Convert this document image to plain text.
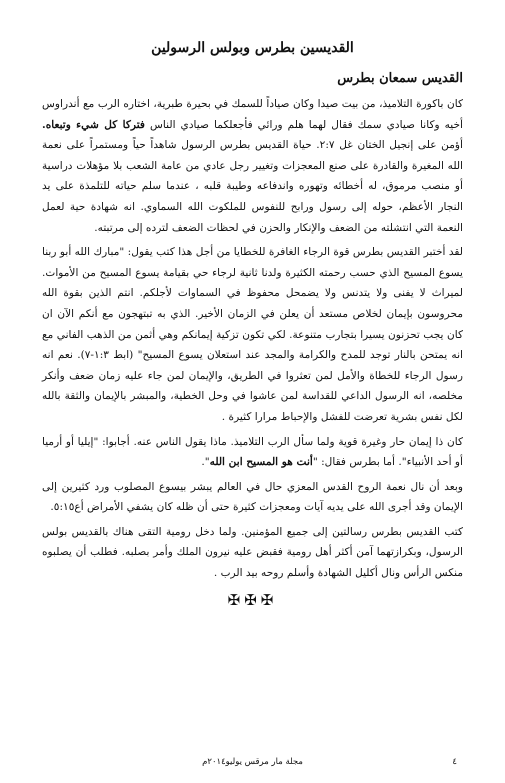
القديسين بطرس وبولس الرسولين
القديس سمعان بطرس

كان باكورة التلاميذ، من بيت صيدا وكان صياداً للسمك في بحيرة طبرية، اختاره الرب مع أندراوس أخيه وكانا صيادي سمك فقال لهما هلم ورائي فأجعلكما صيادي الناس فتركا كل شيء وتبعاه. أؤمن على إنجيل الختان غل ٢:٧. حياة القديس بطرس الرسول شاهداً حياً ومستمراً على نعمة الله المغيرة والقادرة على صنع المعجزات وتغيير رجل عادي من عامة الشعب بلا مؤهلات دراسية أو منصب مرموق، له أخطائه وتهوره واندفاعه وطيبة قلبه ، عندما سلم حياته للتلمذة على يد النجار الأعظم، حوله إلى رسول ورابح للنفوس للملكوت الله السماوي. انه شهادة حية لعمل النعمة التي انتشلته من الضعف والإنكار والحزن في لحظات الضعف لترده إلى مرتبته.

لقد أختبر القديس بطرس قوة الرجاء الغافرة للخطايا من أجل هذا كتب يقول: "مبارك الله أبو ربنا يسوع المسيح الذي حسب رحمته الكثيرة ولدنا ثانية لرجاء حي بقيامة يسوع المسيح من الأموات. لميراث لا يفنى ولا يتدنس ولا يضمحل محفوظ في السماوات لأجلكم. انتم الذين بقوة الله محروسون بإيمان لخلاص مستعد أن يعلن في الزمان الأخير. الذي به تبتهجون مع أنكم الآن ان كان يجب تحزنون يسيرا بتجارب متنوعة. لكي تكون تزكية إيمانكم وهي أثمن من الذهب الفاني مع انه يمتحن بالنار توجد للمدح والكرامة والمجد عند استعلان يسوع المسيح" (ابط ١:٣-٧). نعم انه رسول الرجاء للخطاة والأمل لمن تعثروا في الطريق، والإيمان لمن جاء عليه زمان ضعف وأنكر مخلصه، انه الرسول الداعي للقداسة لمن عاشوا في وحل الخطية، والمبشر بالإيمان والثقة بالله لكل نفس بشرية تعرضت للفشل والإحباط مرارا كثيرة .

كان ذا إيمان حار وغيرة قوية ولما سأل الرب التلاميذ. ماذا يقول الناس عنه. أجابوا: "إيليا أو أرميا أو أحد الأنبياء". أما بطرس فقال: "أنت هو المسيح ابن الله".

وبعد أن نال نعمة الروح القدس المعزي حال في العالم يبشر بيسوع المصلوب ورد كثيرين إلى الإيمان وقد أجرى الله على يديه آيات ومعجزات كثيرة حتى أن ظله كان يشفي الأمراض أع٥:١٥.

كتب القديس بطرس رسالتين إلى جميع المؤمنين. ولما دخل رومية التقى هناك بالقديس بولس الرسول، وبكرازتهما آمن أكثر أهل رومية فقبض عليه نيرون الملك وأمر بصلبه. فطلب أن يصلبوه منكس الرأس ونال أكليل الشهادة وأسلم روحه بيد الرب .

✠✠✠
مجلة مار مرقس يوليو٢٠١٤م	٤
